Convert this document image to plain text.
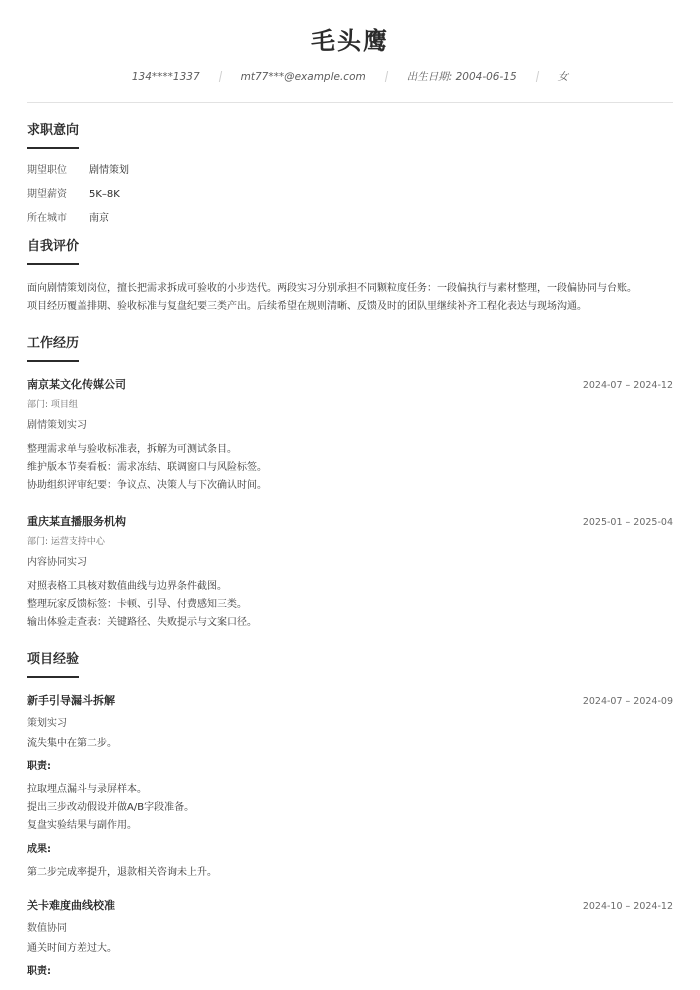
毛头鹰
134****1337	mt77***@example.com	出生日期: 2004-06-15	女
求职意向
期望职位	剧情策划
期望薪资	5K–8K
所在城市	南京
自我评价
面向剧情策划岗位，擅长把需求拆成可验收的小步迭代。两段实习分别承担不同颗粒度任务：一段偏执行与素材整理，一段偏协同与台账。
项目经历覆盖排期、验收标准与复盘纪要三类产出。后续希望在规则清晰、反馈及时的团队里继续补齐工程化表达与现场沟通。
工作经历
南京某文化传媒公司	2024-07 – 2024-12
部门: 项目组
剧情策划实习
整理需求单与验收标准表，拆解为可测试条目。
维护版本节奏看板：需求冻结、联调窗口与风险标签。
协助组织评审纪要：争议点、决策人与下次确认时间。
重庆某直播服务机构	2025-01 – 2025-04
部门: 运营支持中心
内容协同实习
对照表格工具核对数值曲线与边界条件截图。
整理玩家反馈标签：卡顿、引导、付费感知三类。
输出体验走查表：关键路径、失败提示与文案口径。
项目经验
新手引导漏斗拆解	2024-07 – 2024-09
策划实习
流失集中在第二步。
职责:
拉取埋点漏斗与录屏样本。
提出三步改动假设并做A/B字段准备。
复盘实验结果与副作用。
成果:
第二步完成率提升，退款相关咨询未上升。
关卡难度曲线校准	2024-10 – 2024-12
数值协同
通关时间方差过大。
职责:
